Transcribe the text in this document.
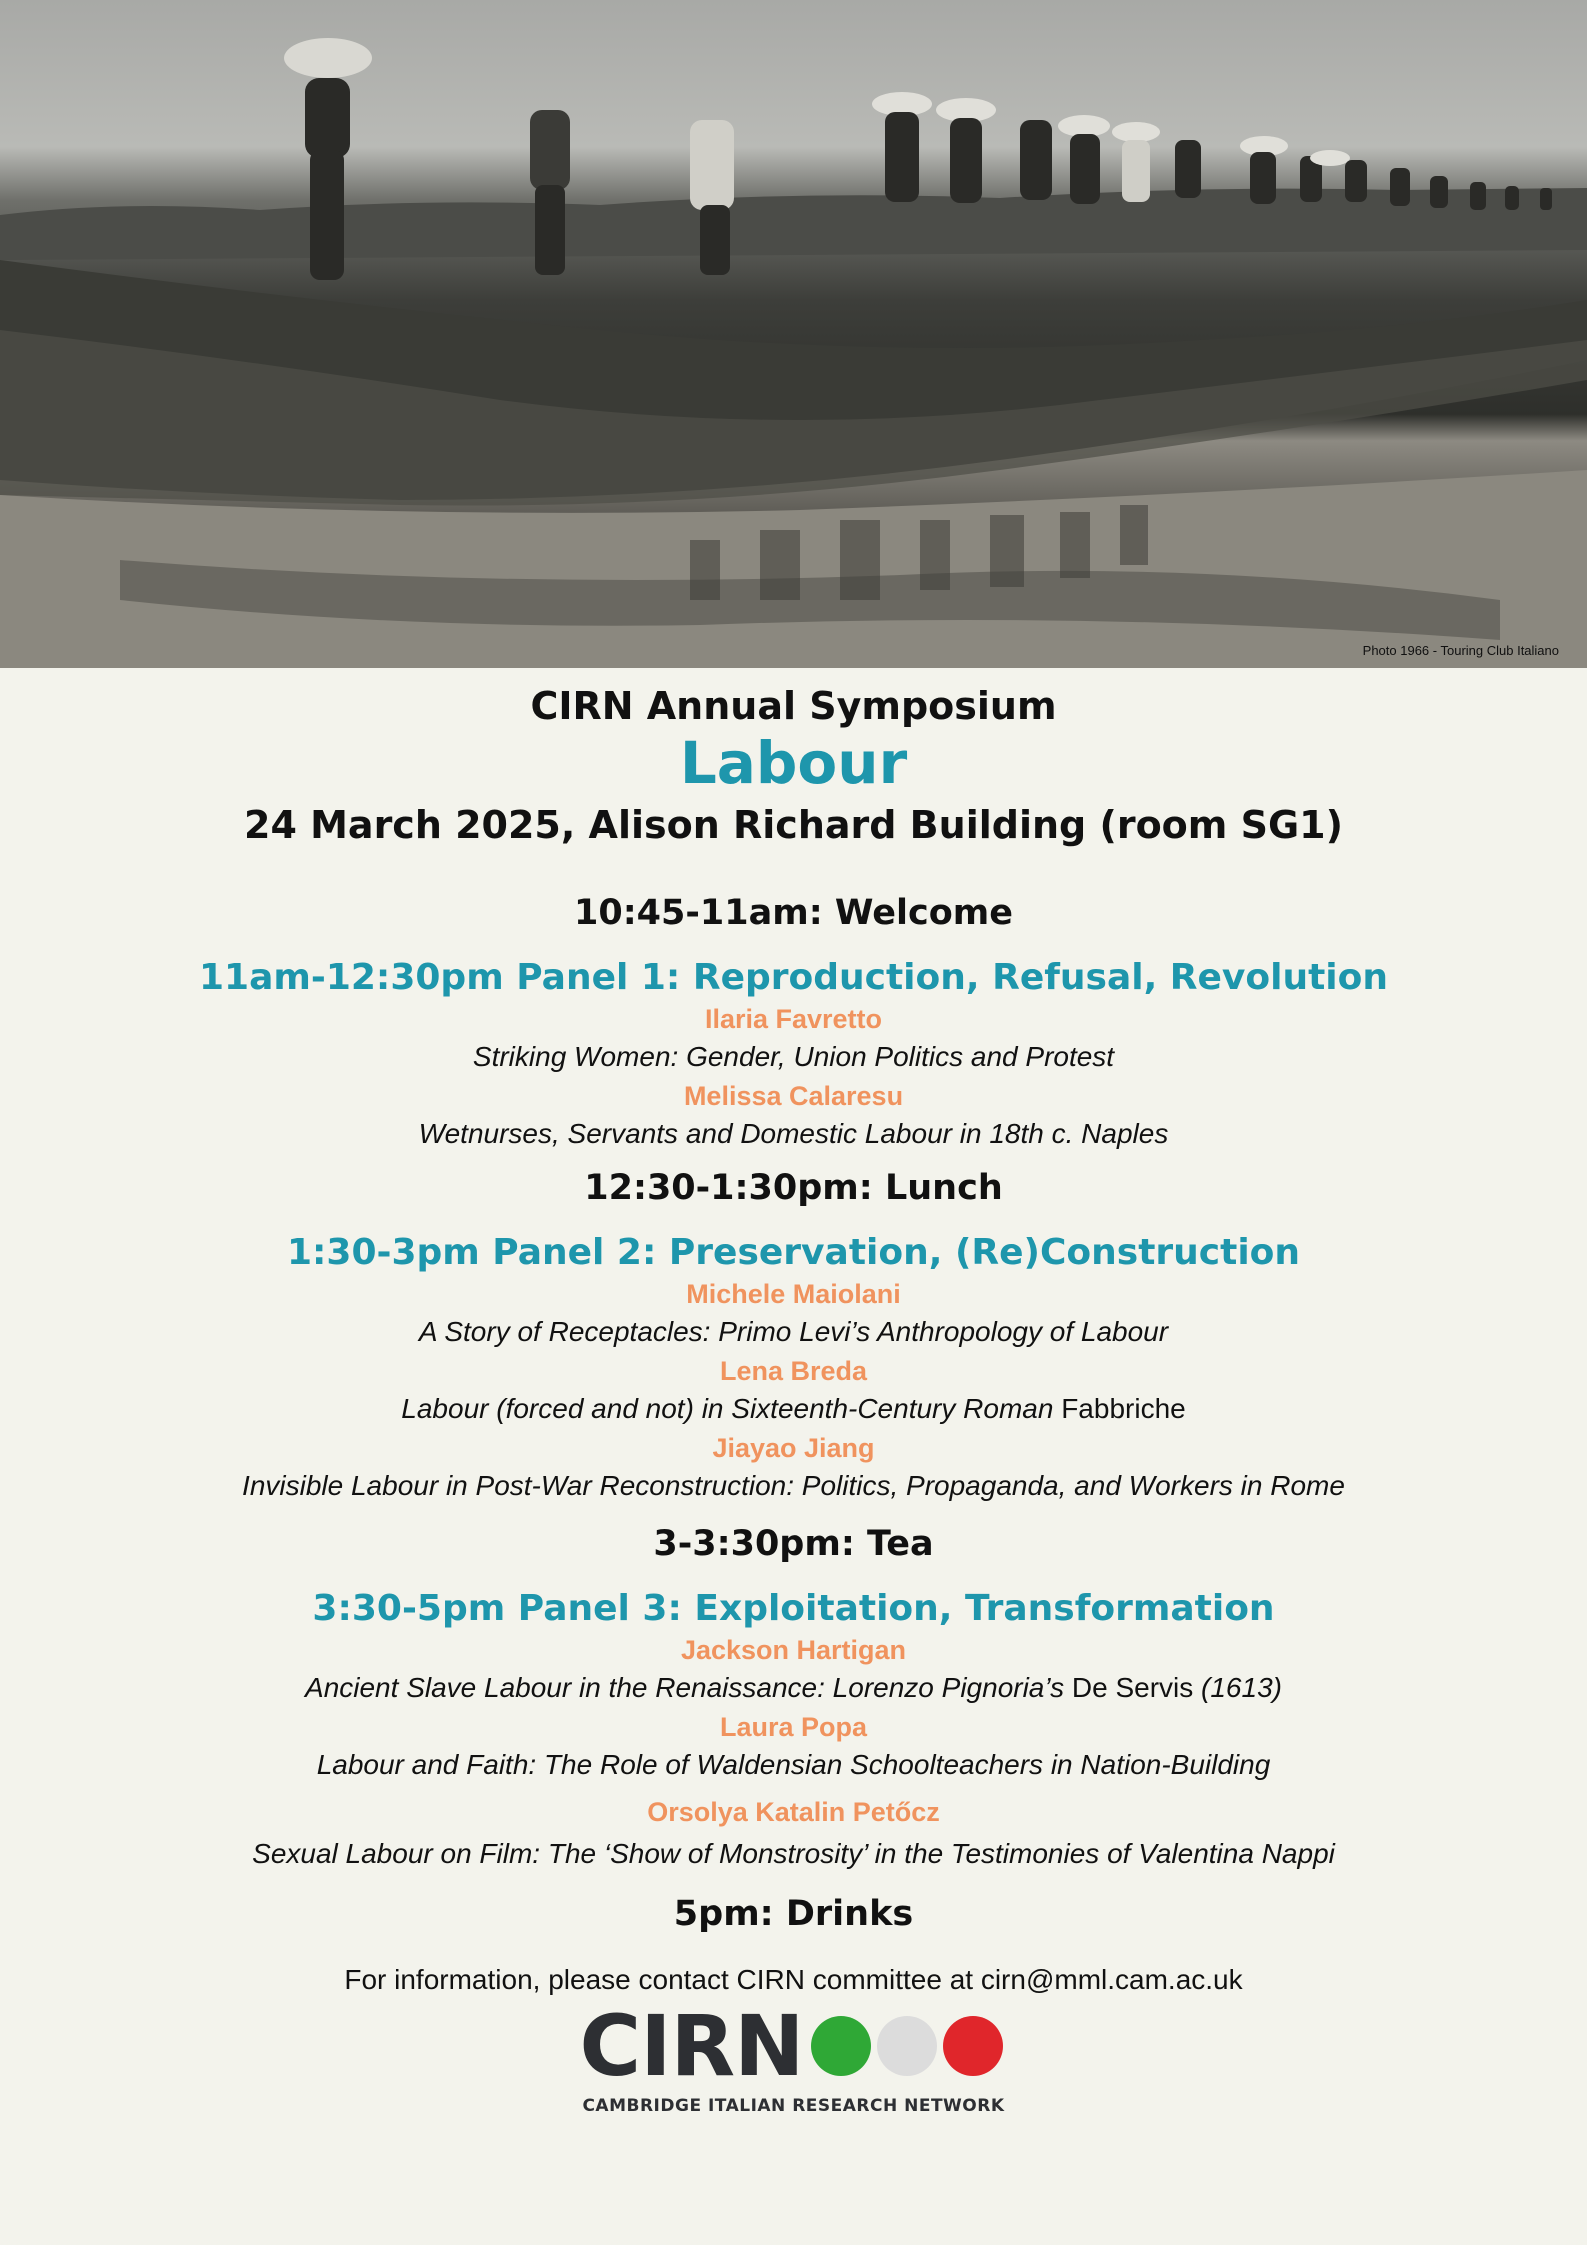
Photo 1966 - Touring Club Italiano
CIRN Annual Symposium
Labour
24 March 2025, Alison Richard Building (room SG1)
10:45-11am: Welcome
11am-12:30pm Panel 1: Reproduction, Refusal, Revolution
Ilaria Favretto
Striking Women: Gender, Union Politics and Protest
Melissa Calaresu
Wetnurses, Servants and Domestic Labour in 18th c. Naples
12:30-1:30pm: Lunch
1:30-3pm Panel 2: Preservation, (Re)Construction
Michele Maiolani
A Story of Receptacles: Primo Levi’s Anthropology of Labour
Lena Breda
Labour (forced and not) in Sixteenth-Century Roman Fabbriche
Jiayao Jiang
Invisible Labour in Post-War Reconstruction: Politics, Propaganda, and Workers in Rome
3-3:30pm: Tea
3:30-5pm Panel 3: Exploitation, Transformation
Jackson Hartigan
Ancient Slave Labour in the Renaissance: Lorenzo Pignoria’s De Servis (1613)
Laura Popa
Labour and Faith: The Role of Waldensian Schoolteachers in Nation-Building
Orsolya Katalin Petőcz
Sexual Labour on Film: The ‘Show of Monstrosity’ in the Testimonies of Valentina Nappi
5pm: Drinks
For information, please contact CIRN committee at cirn@mml.cam.ac.uk
CIRN
CAMBRIDGE ITALIAN RESEARCH NETWORK
